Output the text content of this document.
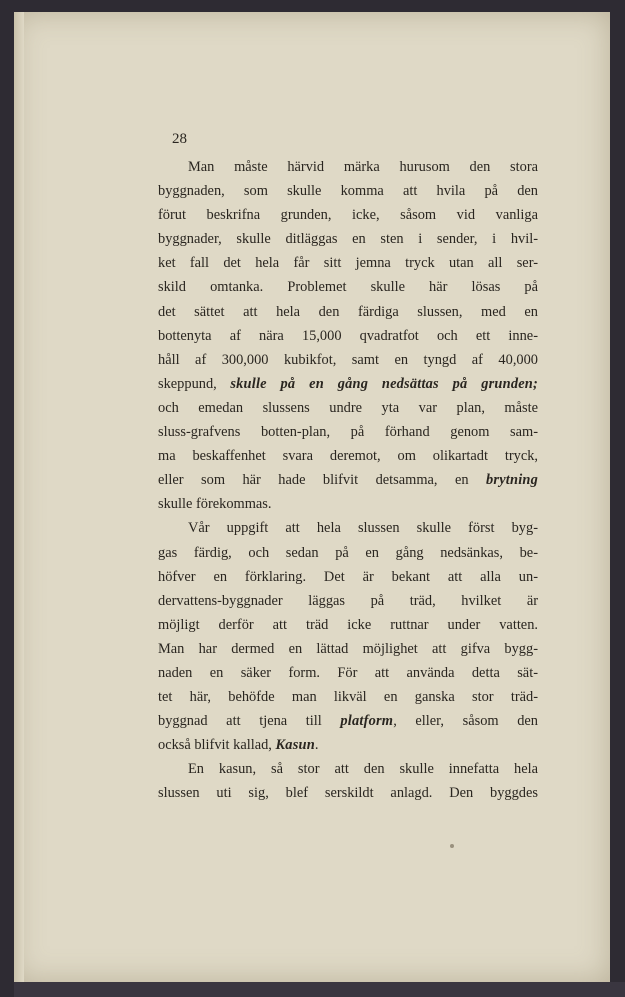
28
Man måste härvid märka hurusom den stora
byggnaden, som skulle komma att hvila på den
förut beskrifna grunden, icke, såsom vid vanliga
byggnader, skulle ditläggas en sten i sender, i hvil-
ket fall det hela får sitt jemna tryck utan all ser-
skild omtanka. Problemet skulle här lösas på
det sättet att hela den färdiga slussen, med en
bottenyta af nära 15,000 qvadratfot och ett inne-
håll af 300,000 kubikfot, samt en tyngd af 40,000
skeppund, skulle på en gång nedsättas på grunden;
och emedan slussens undre yta var plan, måste
sluss-grafvens botten-plan, på förhand genom sam-
ma beskaffenhet svara deremot, om olikartadt tryck,
eller som här hade blifvit detsamma, en brytning
skulle förekommas.
Vår uppgift att hela slussen skulle först byg-
gas färdig, och sedan på en gång nedsänkas, be-
höfver en förklaring. Det är bekant att alla un-
dervattens-byggnader läggas på träd, hvilket är
möjligt derför att träd icke ruttnar under vatten.
Man har dermed en lättad möjlighet att gifva bygg-
naden en säker form. För att använda detta sät-
tet här, behöfde man likväl en ganska stor träd-
byggnad att tjena till platform, eller, såsom den
också blifvit kallad, Kasun.
En kasun, så stor att den skulle innefatta hela
slussen uti sig, blef serskildt anlagd. Den byggdes
